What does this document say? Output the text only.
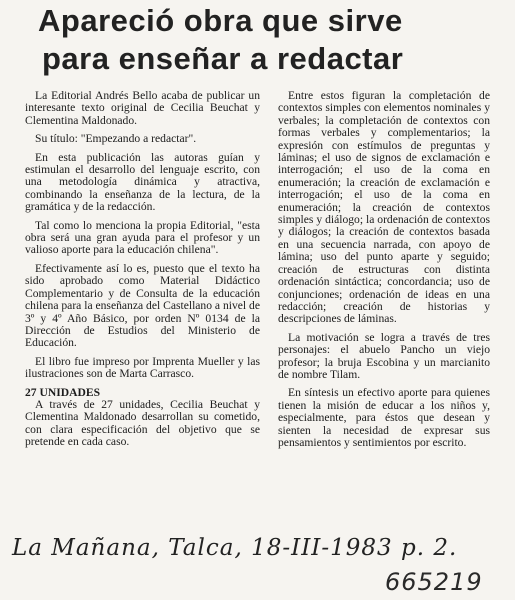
Apareció obra que sirve
para enseñar a redactar

La Editorial Andrés Bello acaba de publicar un interesante texto original de Cecilia Beuchat y Clementina Maldonado.

Su título: "Empezando a redactar".

En esta publicación las autoras guían y estimulan el desarrollo del lenguaje escrito, con una metodología dinámica y atractiva, combinando la enseñanza de la lectura, de la gramática y de la redacción.

Tal como lo menciona la propia Editorial, "esta obra será una gran ayuda para el profesor y un valioso aporte para la educación chilena".

Efectivamente así lo es, puesto que el texto ha sido aprobado como Material Didáctico Complementario y de Consulta de la educación chilena para la enseñanza del Castellano a nivel de 3º y 4º Año Básico, por orden Nº 0134 de la Dirección de Estudios del Ministerio de Educación.

El libro fue impreso por Imprenta Mueller y las ilustraciones son de Marta Carrasco.

27 UNIDADES

A través de 27 unidades, Cecilia Beuchat y Clementina Maldonado desarrollan su cometido, con clara especificación del objetivo que se pretende en cada caso.

Entre estos figuran la completación de contextos simples con elementos nominales y verbales; la completación de contextos con formas verbales y complementarios; la expresión con estímulos de preguntas y láminas; el uso de signos de exclamación e interrogación; el uso de la coma en enumeración; la creación de exclamación e interrogación; el uso de la coma en enumeración; la creación de contextos simples y diálogo; la ordenación de contextos y diálogos; la creación de contextos basada en una secuencia narrada, con apoyo de lámina; uso del punto aparte y seguido; creación de estructuras con distinta ordenación sintáctica; concordancia; uso de conjunciones; ordenación de ideas en una redacción; creación de historias y descripciones de láminas.

La motivación se logra a través de tres personajes: el abuelo Pancho un viejo profesor; la bruja Escobina y un marcianito de nombre Tilam.

En síntesis un efectivo aporte para quienes tienen la misión de educar a los niños y, especialmente, para éstos que desean y sienten la necesidad de expresar sus pensamientos y sentimientos por escrito.

La Mañana, Talca, 18-III-1983 p. 2.
665219
